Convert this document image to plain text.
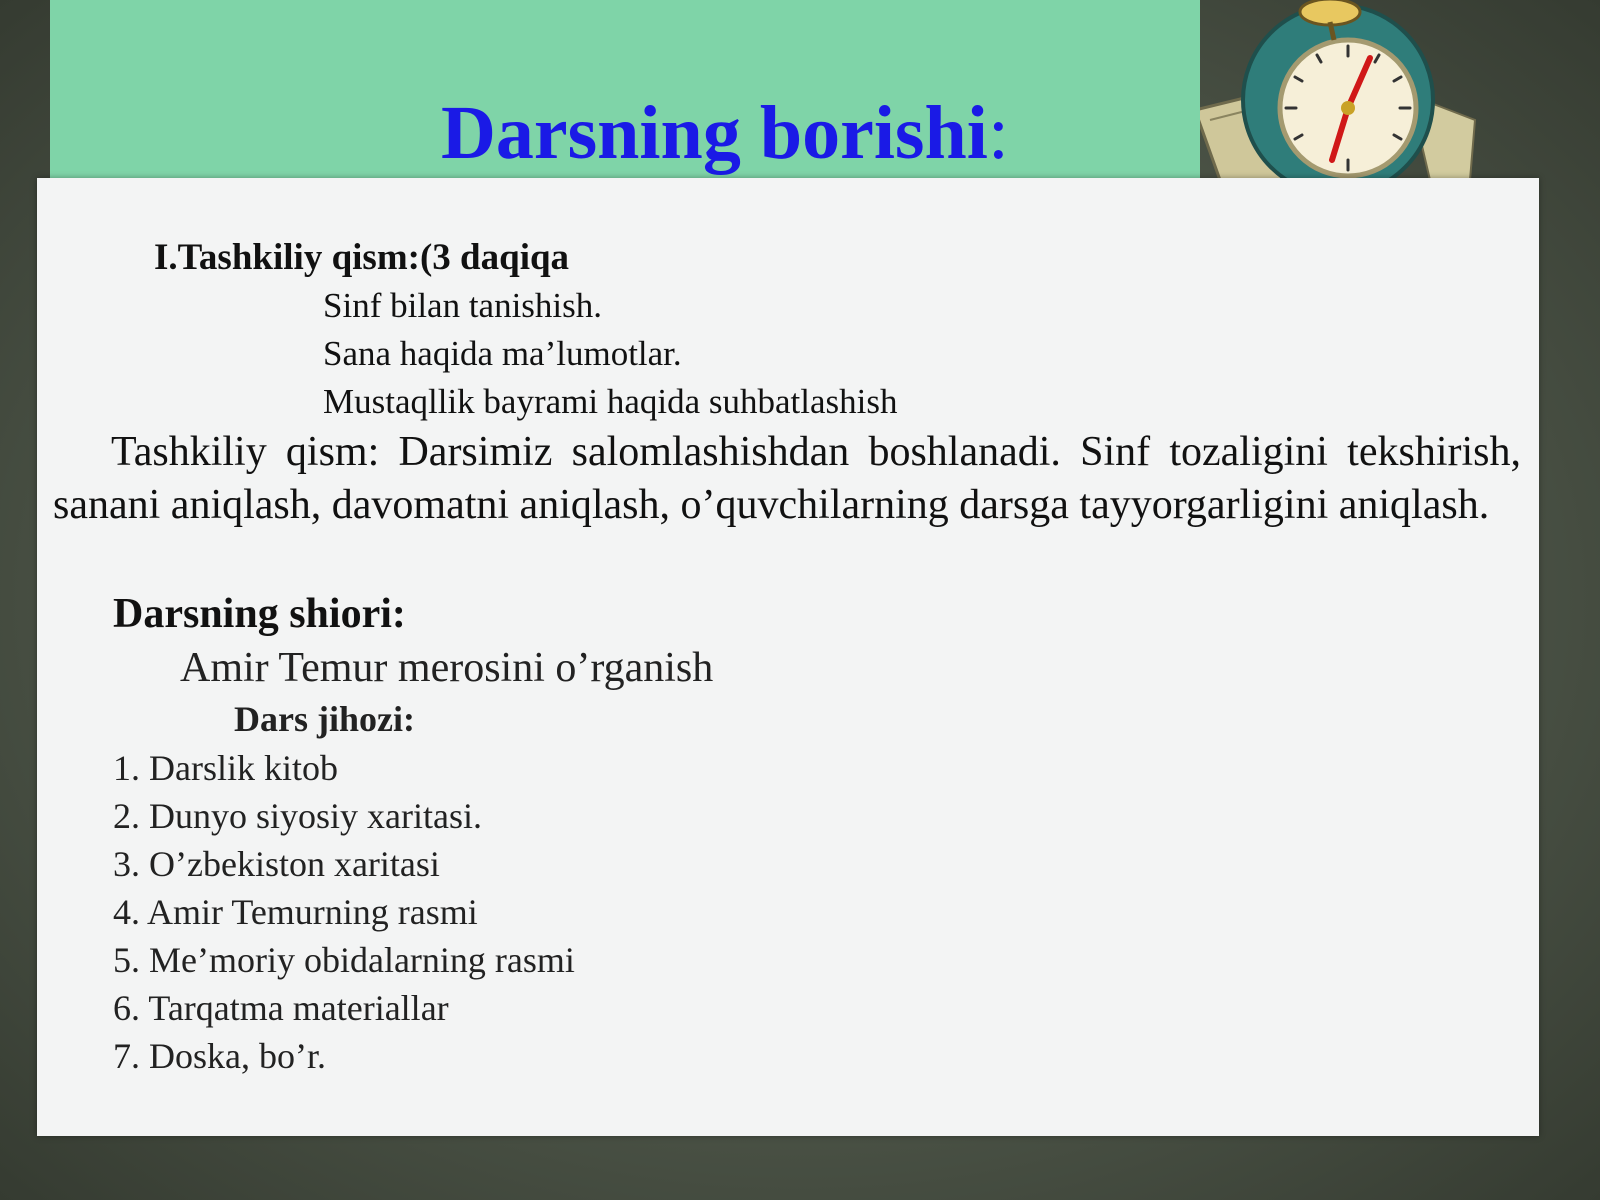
Darsning borishi:
I.Tashkiliy qism:(3 daqiqa
Sinf bilan tanishish.
Sana haqida ma’lumotlar.
Mustaqllik bayrami haqida suhbatlashish
Tashkiliy qism: Darsimiz salomlashishdan boshlanadi. Sinf tozaligini tekshirish, sanani aniqlash, davomatni aniqlash, o’quvchilarning darsga tayyorgarligini aniqlash.
Darsning shiori:
Amir Temur merosini o’rganish
Dars jihozi:
1. Darslik kitob
2. Dunyo siyosiy xaritasi.
3. O’zbekiston xaritasi
4. Amir Temurning rasmi
5. Me’moriy obidalarning rasmi
6. Tarqatma materiallar
7. Doska, bo’r.
